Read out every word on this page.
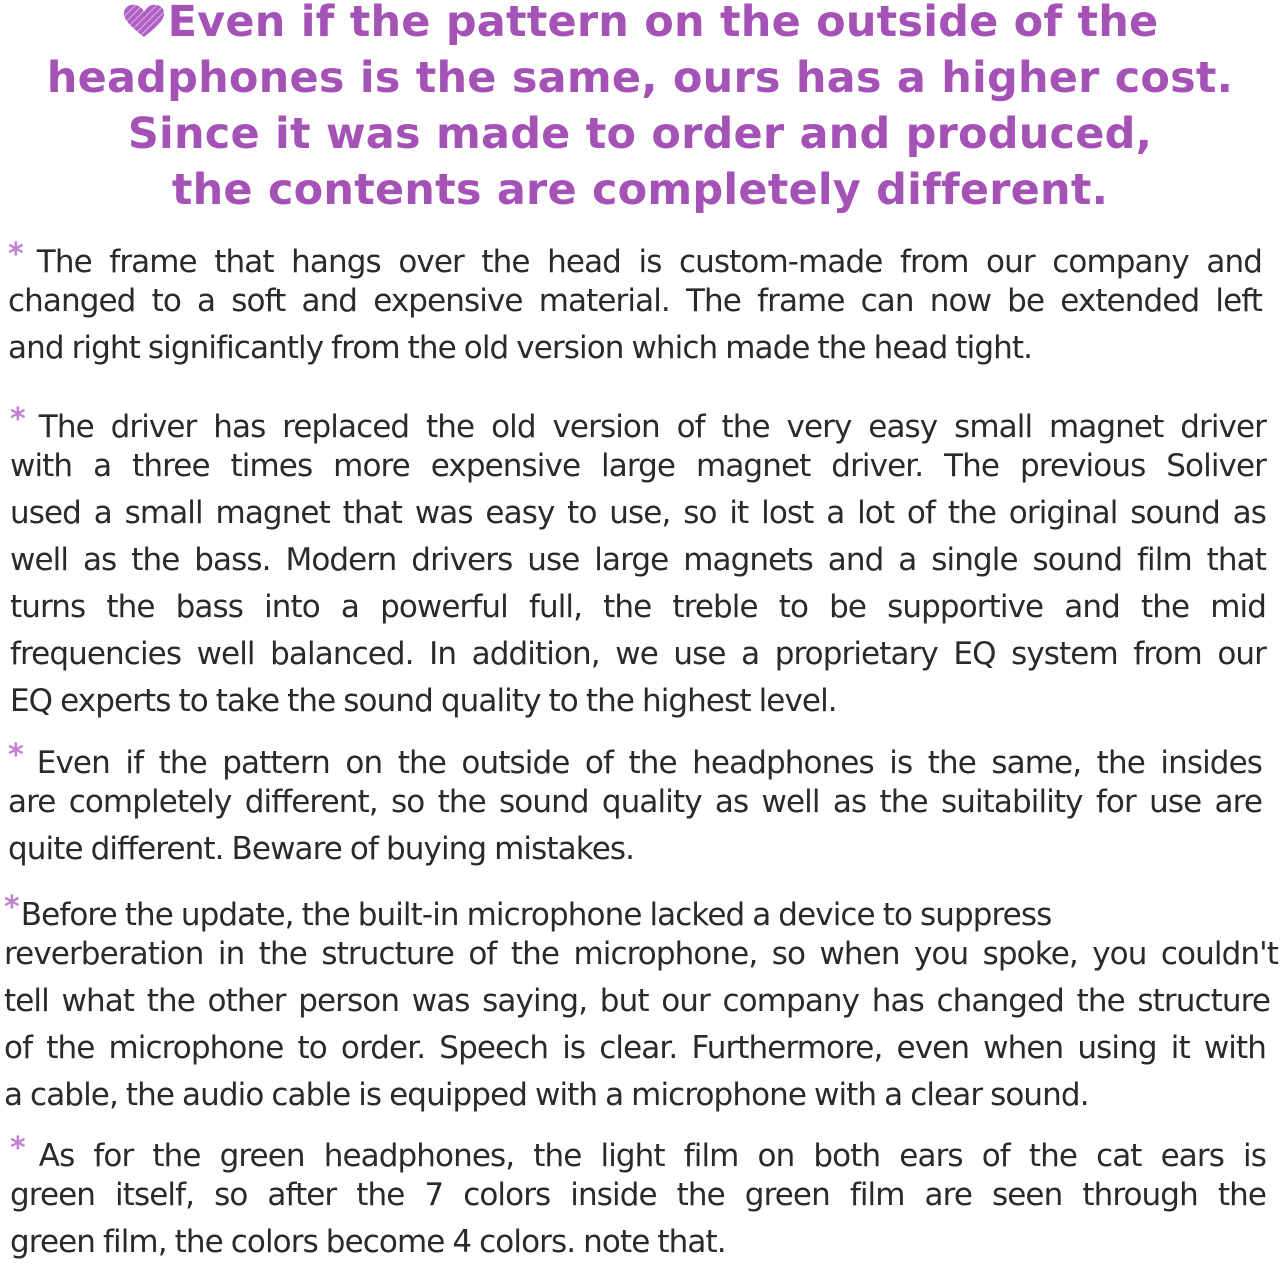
Even if the pattern on the outside of the
headphones is the same, ours has a higher cost.
Since it was made to order and produced,
the contents are completely different.
* The frame that hangs over the head is custom-made from our company and
changed to a soft and expensive material. The frame can now be extended left
and right significantly from the old version which made the head tight.
* The driver has replaced the old version of the very easy small magnet driver
with a three times more expensive large magnet driver. The previous Soliver
used a small magnet that was easy to use, so it lost a lot of the original sound as
well as the bass. Modern drivers use large magnets and a single sound film that
turns the bass into a powerful full, the treble to be supportive and the mid
frequencies well balanced. In addition, we use a proprietary EQ system from our
EQ experts to take the sound quality to the highest level.
* Even if the pattern on the outside of the headphones is the same, the insides
are completely different, so the sound quality as well as the suitability for use are
quite different. Beware of buying mistakes.
*Before the update, the built-in microphone lacked a device to suppress
reverberation in the structure of the microphone, so when you spoke, you couldn't
tell what the other person was saying, but our company has changed the structure
of the microphone to order. Speech is clear. Furthermore, even when using it with
a cable, the audio cable is equipped with a microphone with a clear sound.
* As for the green headphones, the light film on both ears of the cat ears is
green itself, so after the 7 colors inside the green film are seen through the
green film, the colors become 4 colors. note that.
